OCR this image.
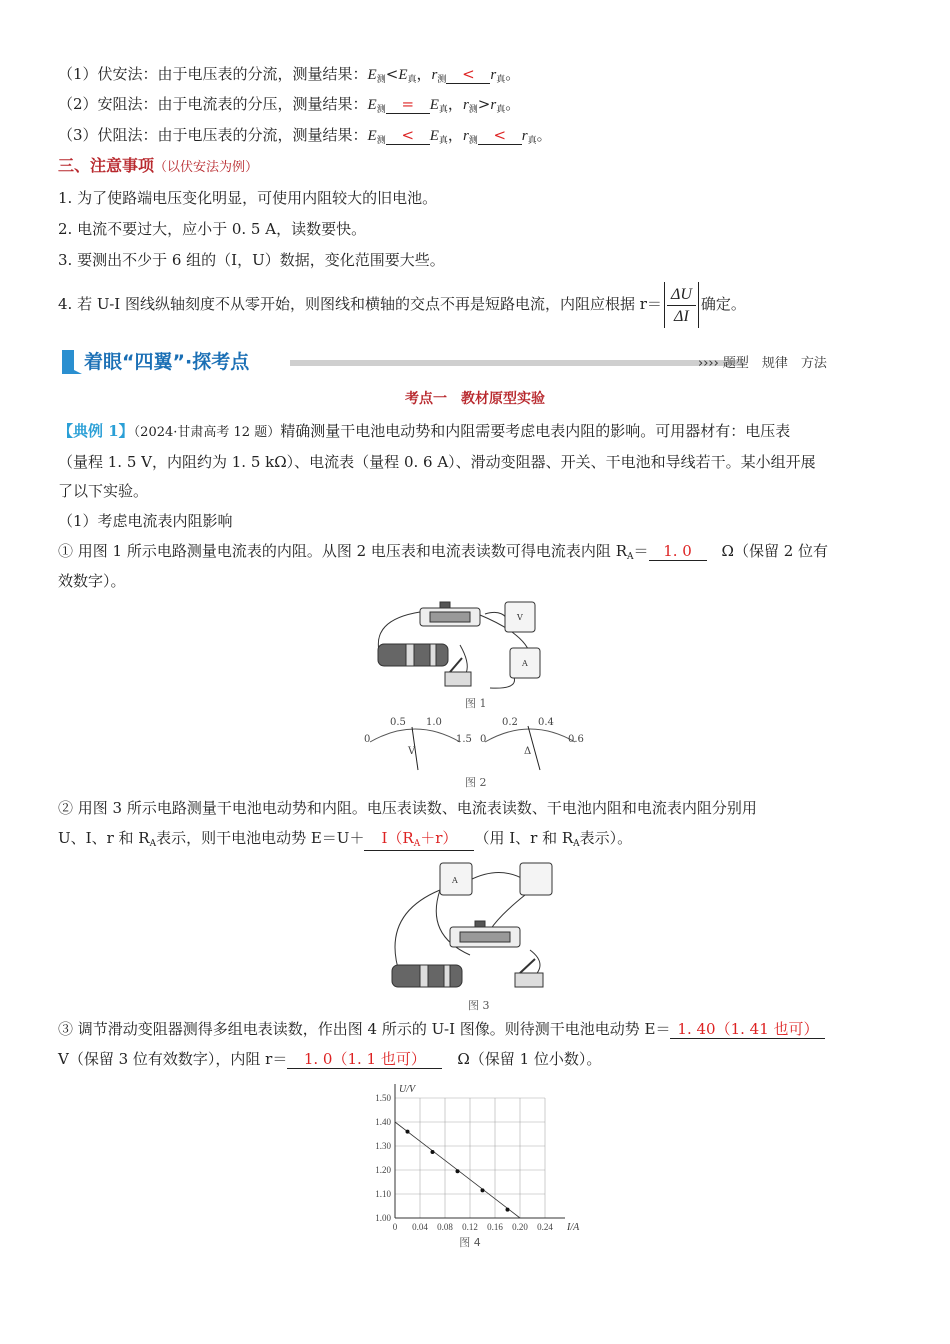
（1）伏安法：由于电压表的分流，测量结果：$E_测<E_真$，$r_测 < r_真$。
（2）安阻法：由于电流表的分压，测量结果：$E_测 = E_真$，$r_测>r_真$。
（3）伏阻法：由于电压表的分流，测量结果：$E_测 < E_真$，$r_测 < r_真$。
三、注意事项（以伏安法为例）
1. 为了使路端电压变化明显，可使用内阻较大的旧电池。
2. 电流不要过大，应小于 0. 5 A，读数要快。
3. 要测出不少于 6 组的（I，U）数据，变化范围要大些。
4. 若 U-I 图线纵轴刻度不从零开始，则图线和横轴的交点不再是短路电流，内阻应根据 $r= \frac{\Delta U}{\Delta I}$ 确定。
着眼“四翼”·探考点	›››› 题型　规律　方法
考点一　教材原型实验
【典例 1】（2024·甘肃高考 12 题）精确测量干电池电动势和内阻需要考虑电表内阻的影响。可用器材有：电压表
（量程 1. 5 V，内阻约为 1. 5 kΩ）、电流表（量程 0. 6 A）、滑动变阻器、开关、干电池和导线若干。某小组开展
了以下实验。
（1）考虑电流表内阻影响
① 用图 1 所示电路测量电流表的内阻。从图 2 电压表和电流表读数可得电流表内阻 $R_A= 1$. 0　 Ω（保留 2 位有
效数字）。
V
A
图 1
0
0.5 1.0
1.5 0
0.2 0.4
0.6
V	Δ
图 2
② 用图 3 所示电路测量干电池电动势和内阻。电压表读数、电流表读数、干电池内阻和电流表内阻分别用
U、I、r 和 $R_A$表示，则干电池电动势 $E=U+ I(R_A+r)$ （用 I、r 和 $R_A$表示）。
A
图 3
③ 调节滑动变阻器测得多组电表读数，作出图 4 所示的 U-I 图像。则待测干电池电动势 E＝ 1. 40（1. 41 也可）
V（保留 3 位有效数字），内阻 r＝ 1. 0（1. 1 也可）　 Ω（保留 1 位小数）。
0 0.04 0.08 0.12 0.16 0.20 0.24
1.00
1.10
1.20
1.30
1.40
1.50
I/A
U/V
图 4
